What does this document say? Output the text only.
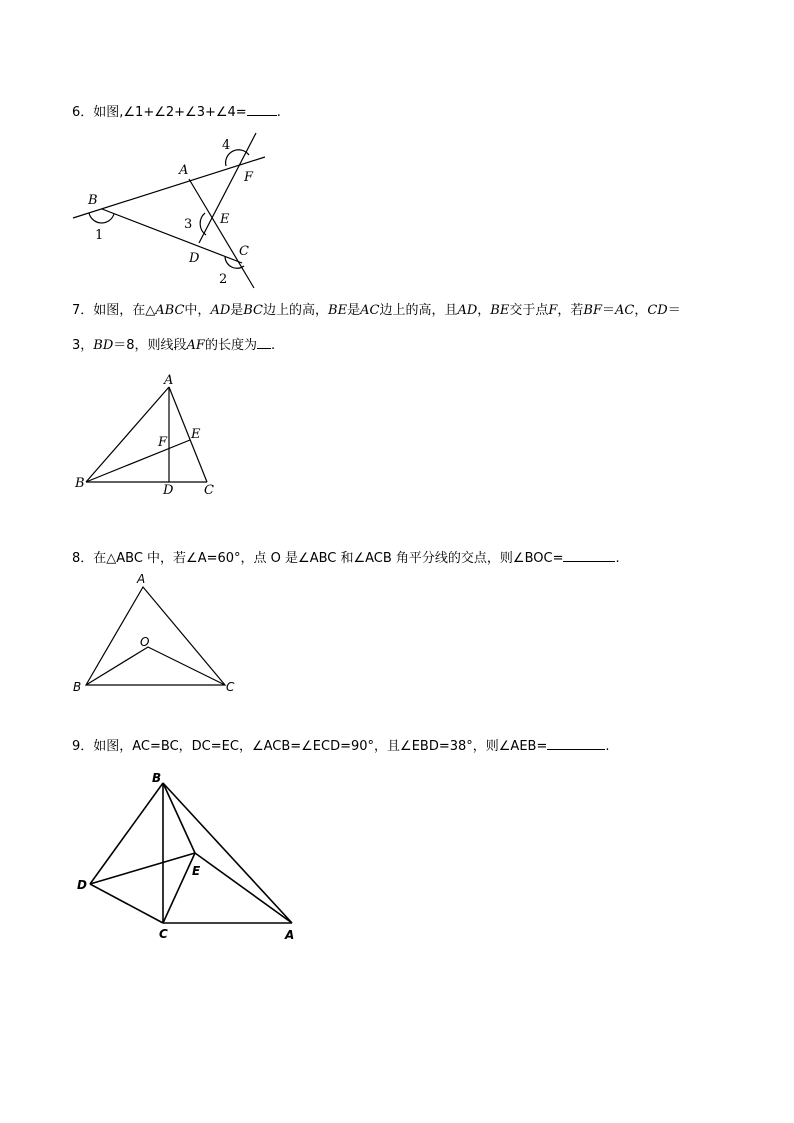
6．如图,∠1+∠2+∠3+∠4= .
A
B
C
D
E
F
1
2
3
4
7．如图，在△ABC中，AD是BC边上的高，BE是AC边上的高，且AD，BE交于点F，若BF＝AC，CD＝
3，BD＝8，则线段AF的长度为 .
A
B	C
D
E
F
8．在△ABC 中，若∠A=60°，点 O 是∠ABC 和∠ACB 角平分线的交点，则∠BOC=	.
A
B	C
O
9．如图，AC=BC，DC=EC，∠ACB=∠ECD=90°，且∠EBD=38°，则∠AEB=	.
A
B
C
D
E
